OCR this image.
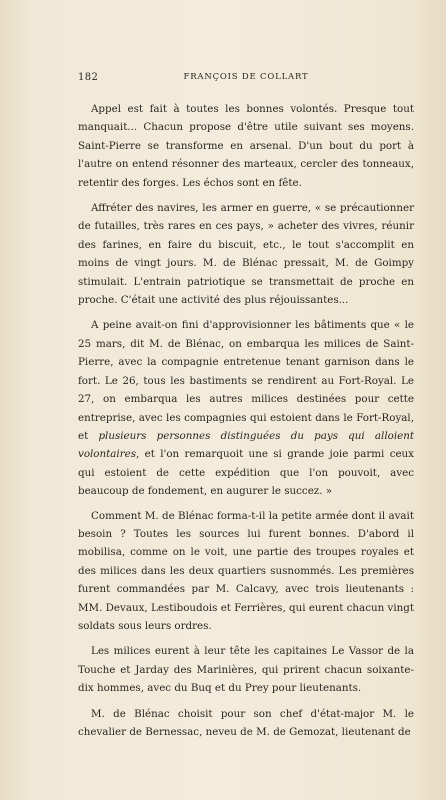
182	FRANÇOIS DE COLLART

Appel est fait à toutes les bonnes volontés. Presque tout manquait... Chacun propose d'être utile suivant ses moyens. Saint-Pierre se transforme en arsenal. D'un bout du port à l'autre on entend résonner des marteaux, cercler des tonneaux, retentir des forges. Les échos sont en fête.

Affréter des navires, les armer en guerre, « se précautionner de futailles, très rares en ces pays, » acheter des vivres, réunir des farines, en faire du biscuit, etc., le tout s'accomplit en moins de vingt jours. M. de Blénac pressait, M. de Goimpy stimulait. L'entrain patriotique se transmettait de proche en proche. C'était une activité des plus réjouissantes...

A peine avait-on fini d'approvisionner les bâtiments que « le 25 mars, dit M. de Blénac, on embarqua les milices de Saint-Pierre, avec la compagnie entretenue tenant garnison dans le fort. Le 26, tous les bastiments se rendirent au Fort-Royal. Le 27, on embarqua les autres milices destinées pour cette entreprise, avec les compagnies qui estoient dans le Fort-Royal, et plusieurs personnes distinguées du pays qui alloient volontaires, et l'on remarquoit une si grande joie parmi ceux qui estoient de cette expédition que l'on pouvoit, avec beaucoup de fondement, en augurer le succez. »

Comment M. de Blénac forma-t-il la petite armée dont il avait besoin ? Toutes les sources lui furent bonnes. D'abord il mobilisa, comme on le voit, une partie des troupes royales et des milices dans les deux quartiers susnommés. Les premières furent commandées par M. Calcavy, avec trois lieutenants : MM. Devaux, Lestiboudois et Ferrières, qui eurent chacun vingt soldats sous leurs ordres.

Les milices eurent à leur tête les capitaines Le Vassor de la Touche et Jarday des Marinières, qui prirent chacun soixante-dix hommes, avec du Buq et du Prey pour lieutenants.

M. de Blénac choisit pour son chef d'état-major M. le chevalier de Bernessac, neveu de M. de Gemozat, lieutenant de
